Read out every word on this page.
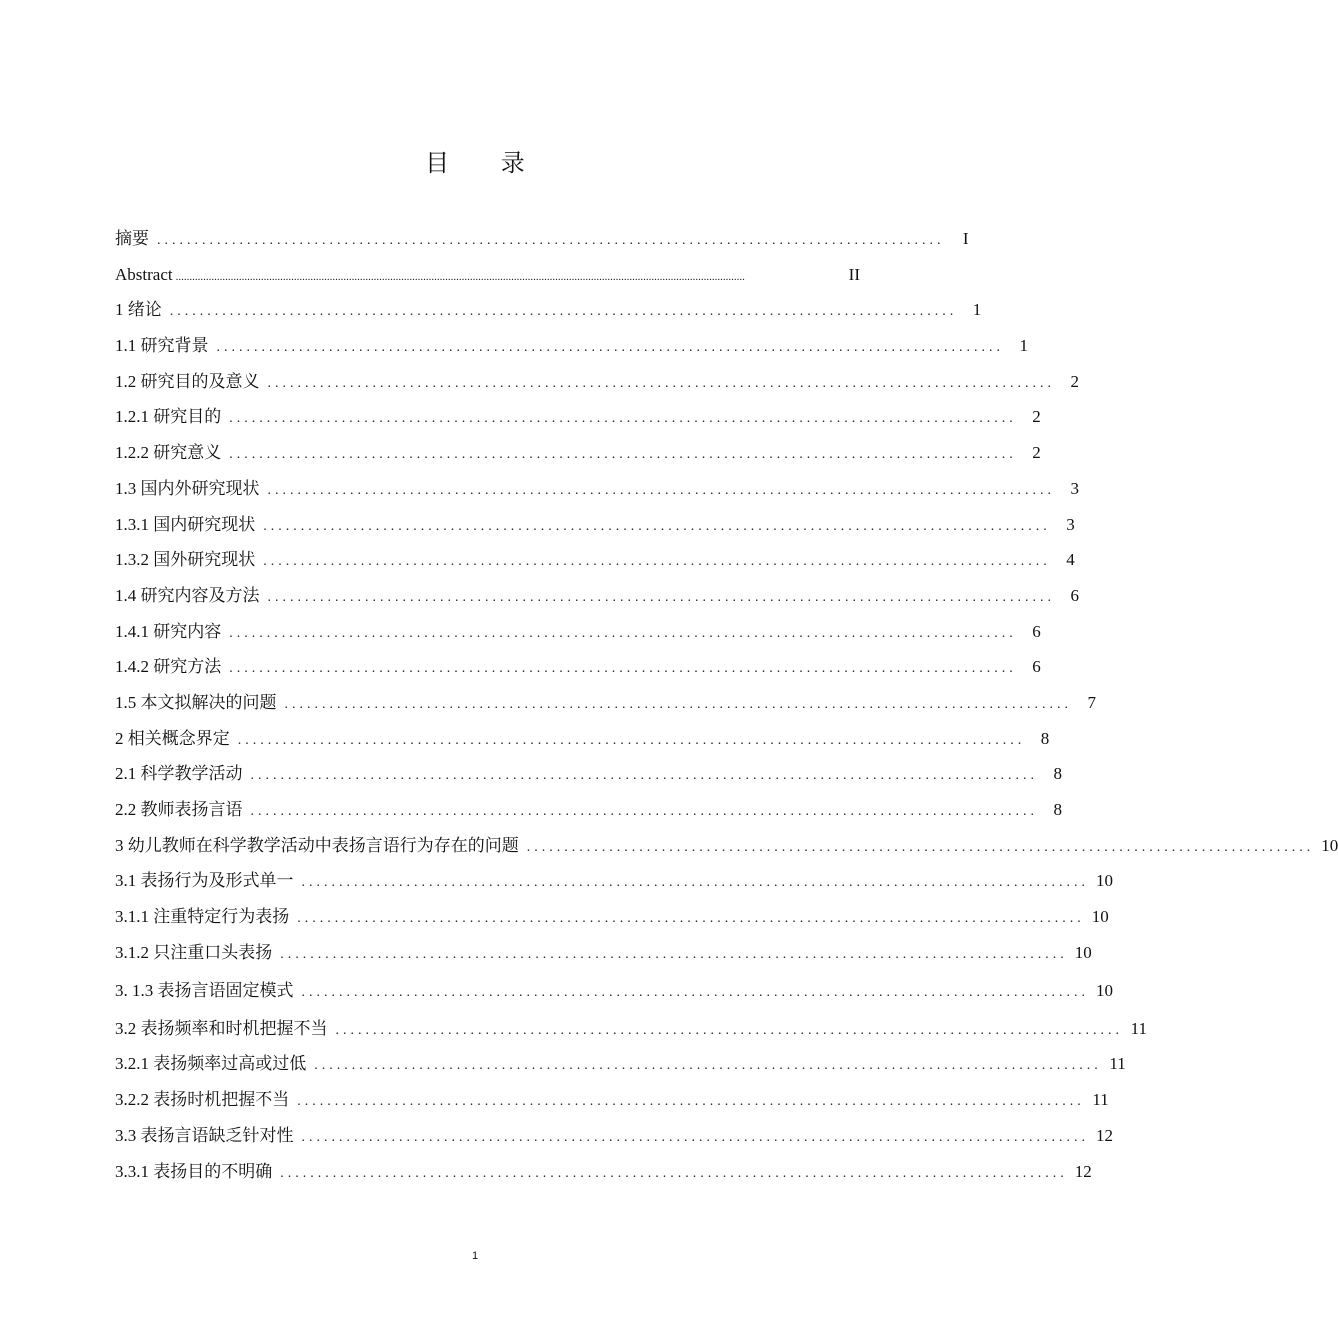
目 录
摘要 .........................................................................................................	I
Abstract ...............................................................................................................................................................................................................	II
1 绪论 ......................................................................................................... 1
1.1 研究背景 ......................................................................................................... 1
1.2 研究目的及意义 ......................................................................................................... 2
1.2.1 研究目的 ......................................................................................................... 2
1.2.2 研究意义 ......................................................................................................... 2
1.3 国内外研究现状 ......................................................................................................... 3
1.3.1 国内研究现状 ......................................................................................................... 3
1.3.2 国外研究现状 ......................................................................................................... 4
1.4 研究内容及方法 ......................................................................................................... 6
1.4.1 研究内容 ......................................................................................................... 6
1.4.2 研究方法 ......................................................................................................... 6
1.5 本文拟解决的问题 ......................................................................................................... 7
2 相关概念界定 ......................................................................................................... 8
2.1 科学教学活动 ......................................................................................................... 8
2.2 教师表扬言语 ......................................................................................................... 8
3 幼儿教师在科学教学活动中表扬言语行为存在的问题 ......................................................................................................... 10
3.1 表扬行为及形式单一 ......................................................................................................... 10
3.1.1 注重特定行为表扬 ......................................................................................................... 10
3.1.2 只注重口头表扬 ......................................................................................................... 10
3. 1.3 表扬言语固定模式 ......................................................................................................... 10
3.2 表扬频率和时机把握不当 ......................................................................................................... 11
3.2.1 表扬频率过高或过低 ......................................................................................................... 11
3.2.2 表扬时机把握不当 ......................................................................................................... 11
3.3 表扬言语缺乏针对性 ......................................................................................................... 12
3.3.1 表扬目的不明确 ......................................................................................................... 12
1
